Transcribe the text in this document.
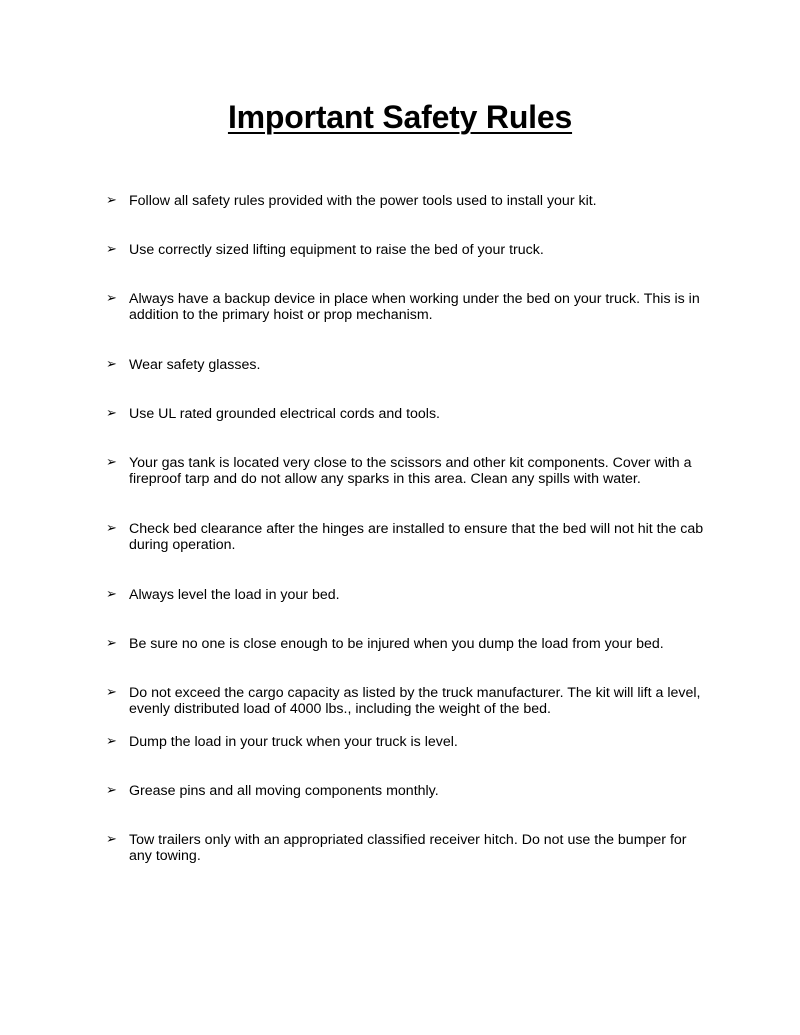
Important Safety Rules
➢ Follow all safety rules provided with the power tools used to install your kit.
➢ Use correctly sized lifting equipment to raise the bed of your truck.
➢ Always have a backup device in place when working under the bed on your truck. This is in addition to the primary hoist or prop mechanism.
➢ Wear safety glasses.
➢ Use UL rated grounded electrical cords and tools.
➢ Your gas tank is located very close to the scissors and other kit components. Cover with a fireproof tarp and do not allow any sparks in this area. Clean any spills with water.
➢ Check bed clearance after the hinges are installed to ensure that the bed will not hit the cab during operation.
➢ Always level the load in your bed.
➢ Be sure no one is close enough to be injured when you dump the load from your bed.
➢ Do not exceed the cargo capacity as listed by the truck manufacturer. The kit will lift a level, evenly distributed load of 4000 lbs., including the weight of the bed.
➢ Dump the load in your truck when your truck is level.
➢ Grease pins and all moving components monthly.
➢ Tow trailers only with an appropriated classified receiver hitch. Do not use the bumper for any towing.
